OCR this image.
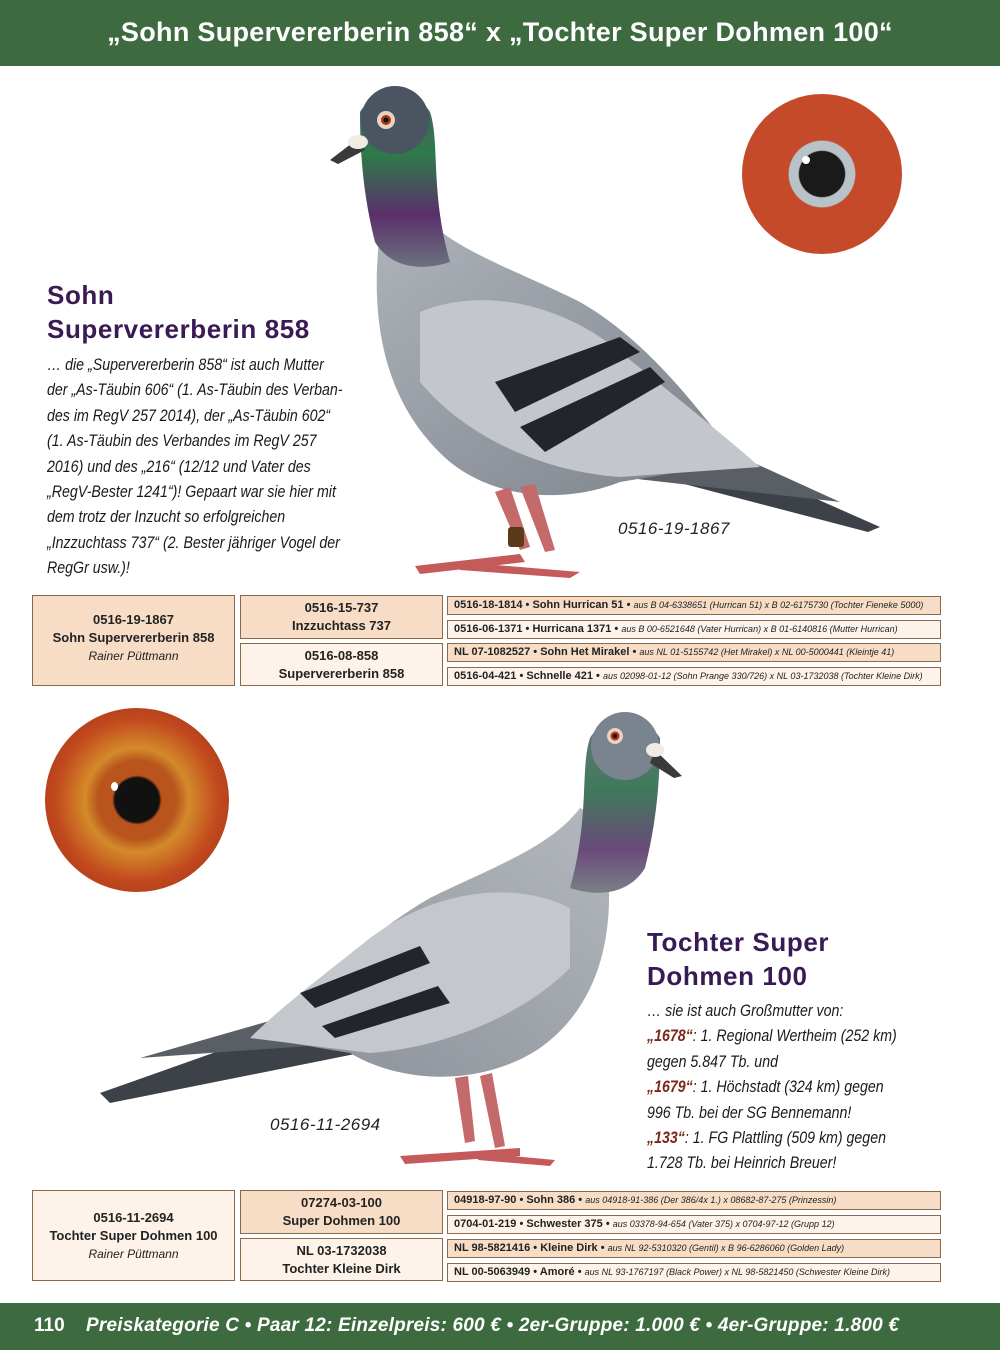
„Sohn Supervererberin 858“ x „Tochter Super Dohmen 100“
Sohn
Supervererberin 858
… die „Supervererberin 858“ ist auch Mutter
der „As-Täubin 606“ (1. As-Täubin des Verban-
des im RegV 257 2014), der „As-Täubin 602“
(1. As-Täubin des Verbandes im RegV 257
2016) und des „216“ (12/12 und Vater des
„RegV-Bester 1241“)! Gepaart war sie hier mit
dem trotz der Inzucht so erfolgreichen
„Inzzuchtass 737“ (2. Bester jähriger Vogel der
RegGr usw.)!
0516-19-1867
0516-19-1867
Sohn Supervererberin 858
Rainer Püttmann
0516-15-737
Inzzuchtass 737
0516-08-858
Supervererberin 858
0516-18-1814 • Sohn Hurrican 51 • aus B 04-6338651 (Hurrican 51) x B 02-6175730 (Tochter Fieneke 5000)
0516-06-1371 • Hurricana 1371 • aus B 00-6521648 (Vater Hurrican) x B 01-6140816 (Mutter Hurrican)
NL 07-1082527 • Sohn Het Mirakel • aus NL 01-5155742 (Het Mirakel) x NL 00-5000441 (Kleintje 41)
0516-04-421 • Schnelle 421 • aus 02098-01-12 (Sohn Prange 330/726) x NL 03-1732038 (Tochter Kleine Dirk)
Tochter Super
Dohmen 100
… sie ist auch Großmutter von:
„1678“: 1. Regional Wertheim (252 km)
gegen 5.847 Tb. und
„1679“: 1. Höchstadt (324 km) gegen
996 Tb. bei der SG Bennemann!
„133“: 1. FG Plattling (509 km) gegen
1.728 Tb. bei Heinrich Breuer!
0516-11-2694
0516-11-2694
Tochter Super Dohmen 100
Rainer Püttmann
07274-03-100
Super Dohmen 100
NL 03-1732038
Tochter Kleine Dirk
04918-97-90 • Sohn 386 • aus 04918-91-386 (Der 386/4x 1.) x 08682-87-275 (Prinzessin)
0704-01-219 • Schwester 375 • aus 03378-94-654 (Vater 375) x 0704-97-12 (Grupp 12)
NL 98-5821416 • Kleine Dirk • aus NL 92-5310320 (Gentil) x B 96-6286060 (Golden Lady)
NL 00-5063949 • Amoré • aus NL 93-1767197 (Black Power) x NL 98-5821450 (Schwester Kleine Dirk)
110 Preiskategorie C • Paar 12: Einzelpreis: 600 € • 2er-Gruppe: 1.000 € • 4er-Gruppe: 1.800 €
